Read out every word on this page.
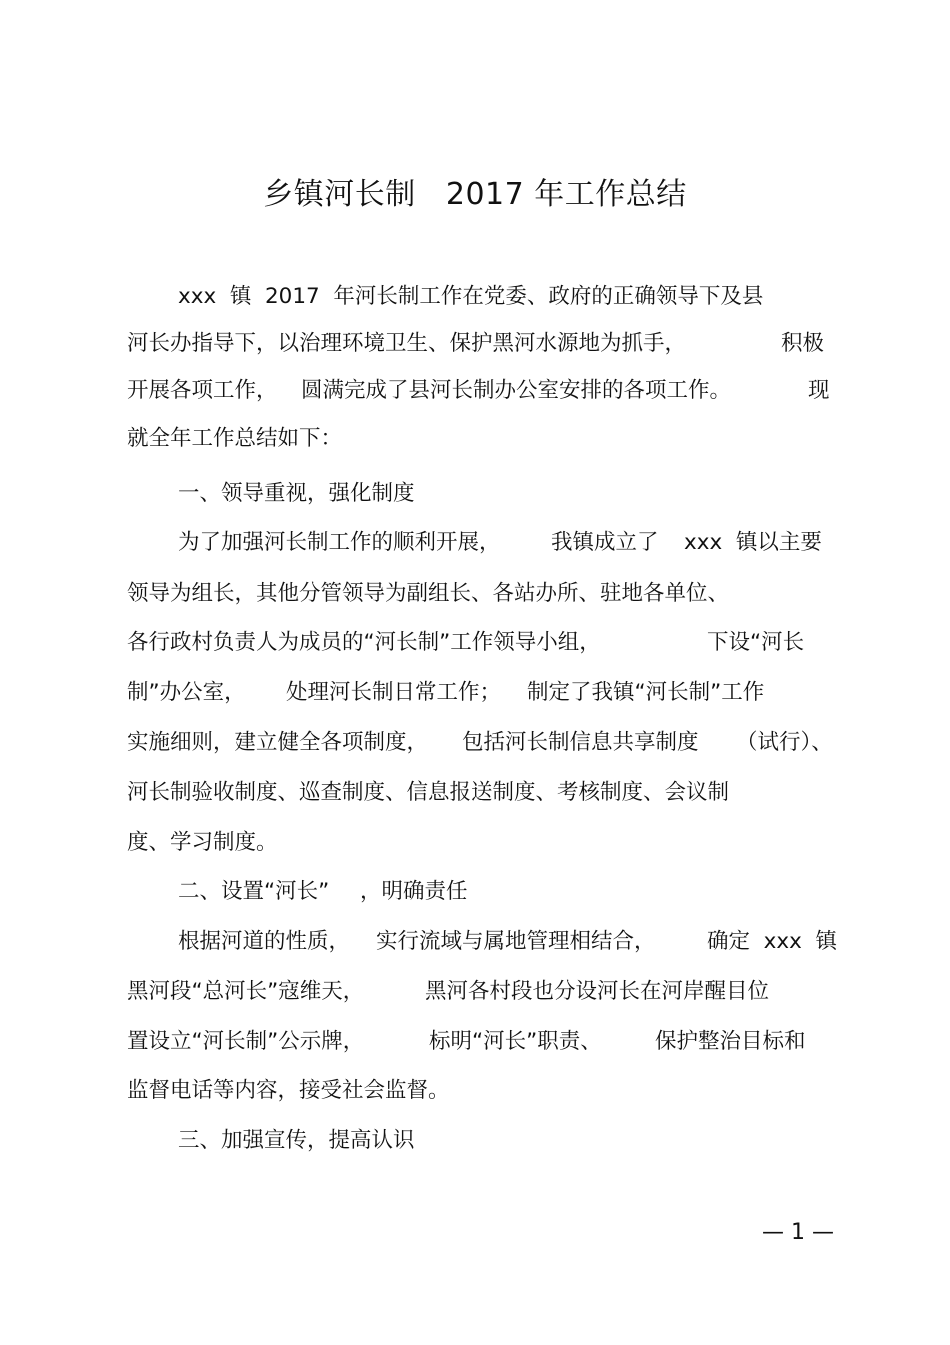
乡镇河长制   2017 年工作总结

xxx  镇  2017  年河长制工作在党委、政府的正确领导下及县

河长办指导下，以治理环境卫生、保护黑河水源地为抓手，

	积极

开展各项工作，

圆满完成了县河长制办公室安排的各项工作。

	现

就全年工作总结如下：

一、领导重视，强化制度

为了加强河长制工作的顺利开展，

我镇成立了

xxx  镇以主要

领导为组长，其他分管领导为副组长、各站办所、驻地各单位、

各行政村负责人为成员的“河长制”工作领导小组，

	下设“河长

制”办公室，

处理河长制日常工作；

制定了我镇“河长制”工作

实施细则，建立健全各项制度，

包括河长制信息共享制度

（试行）、

河长制验收制度、巡查制度、信息报送制度、考核制度、会议制

度、学习制度。

二、设置“河长”

，明确责任

根据河道的性质，

实行流域与属地管理相结合，

确定  xxx  镇

黑河段“总河长”寇维天，

	黑河各村段也分设河长在河岸醒目位

置设立“河长制”公示牌，

	标明“河长”职责、

保护整治目标和

监督电话等内容，接受社会监督。

三、加强宣传，提高认识

— 1 —
